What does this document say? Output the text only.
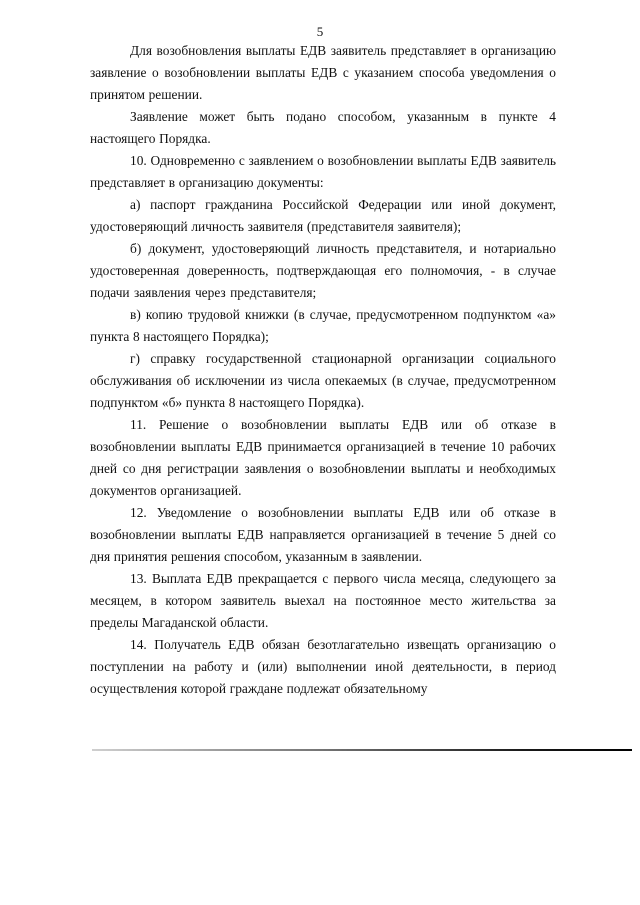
5

Для возобновления выплаты ЕДВ заявитель представляет в организацию заявление о возобновлении выплаты ЕДВ с указанием способа уведомления о принятом решении.

Заявление может быть подано способом, указанным в пункте 4 настоящего Порядка.

10. Одновременно с заявлением о возобновлении выплаты ЕДВ заявитель представляет в организацию документы:

а) паспорт гражданина Российской Федерации или иной документ, удостоверяющий личность заявителя (представителя заявителя);

б) документ, удостоверяющий личность представителя, и нотариально удостоверенная доверенность, подтверждающая его полномочия, - в случае подачи заявления через представителя;

в) копию трудовой книжки (в случае, предусмотренном подпунктом «а» пункта 8 настоящего Порядка);

г) справку государственной стационарной организации социального обслуживания об исключении из числа опекаемых (в случае, предусмотренном подпунктом «б» пункта 8 настоящего Порядка).

11. Решение о возобновлении выплаты ЕДВ или об отказе в возобновлении выплаты ЕДВ принимается организацией в течение 10 рабочих дней со дня регистрации заявления о возобновлении выплаты и необходимых документов организацией.

12. Уведомление о возобновлении выплаты ЕДВ или об отказе в возобновлении выплаты ЕДВ направляется организацией в течение 5 дней со дня принятия решения способом, указанным в заявлении.

13. Выплата ЕДВ прекращается с первого числа месяца, следующего за месяцем, в котором заявитель выехал на постоянное место жительства за пределы Магаданской области.

14. Получатель ЕДВ обязан безотлагательно извещать организацию о поступлении на работу и (или) выполнении иной деятельности, в период осуществления которой граждане подлежат обязательному
